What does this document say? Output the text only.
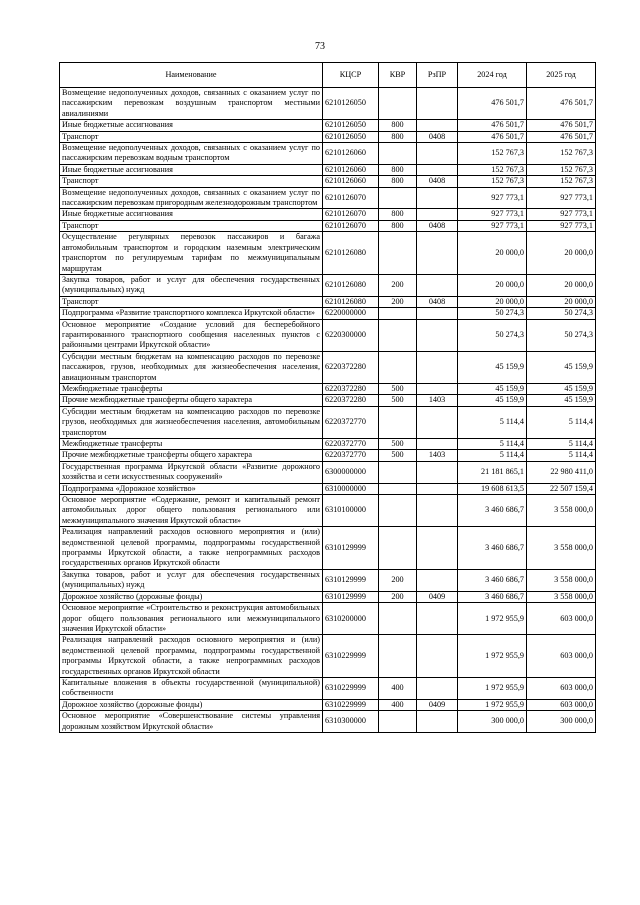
73
Наименование	КЦСР	КВР	РзПР	2024 год	2025 год
Возмещение недополученных доходов, связанных с оказанием услуг по пассажирским перевозкам воздушным транспортом местными авиалиниями	6210126050			476 501,7	476 501,7
Иные бюджетные ассигнования	6210126050	800		476 501,7	476 501,7
Транспорт	6210126050	800	0408	476 501,7	476 501,7
Возмещение недополученных доходов, связанных с оказанием услуг по пассажирским перевозкам водным транспортом	6210126060			152 767,3	152 767,3
Иные бюджетные ассигнования	6210126060	800		152 767,3	152 767,3
Транспорт	6210126060	800	0408	152 767,3	152 767,3
Возмещение недополученных доходов, связанных с оказанием услуг по пассажирским перевозкам пригородным железнодорожным транспортом	6210126070			927 773,1	927 773,1
Иные бюджетные ассигнования	6210126070	800		927 773,1	927 773,1
Транспорт	6210126070	800	0408	927 773,1	927 773,1
Осуществление регулярных перевозок пассажиров и багажа автомобильным транспортом и городским наземным электрическим транспортом по регулируемым тарифам по межмуниципальным маршрутам	6210126080			20 000,0	20 000,0
Закупка товаров, работ и услуг для обеспечения государственных (муниципальных) нужд	6210126080	200		20 000,0	20 000,0
Транспорт	6210126080	200	0408	20 000,0	20 000,0
Подпрограмма «Развитие транспортного комплекса Иркутской области»	6220000000			50 274,3	50 274,3
Основное мероприятие «Создание условий для бесперебойного гарантированного транспортного сообщения населенных пунктов с районными центрами Иркутской области»	6220300000			50 274,3	50 274,3
Субсидии местным бюджетам на компенсацию расходов по перевозке пассажиров, грузов, необходимых для жизнеобеспечения населения, авиационным транспортом	6220372280			45 159,9	45 159,9
Межбюджетные трансферты	6220372280	500		45 159,9	45 159,9
Прочие межбюджетные трансферты общего характера	6220372280	500	1403	45 159,9	45 159,9
Субсидии местным бюджетам на компенсацию расходов по перевозке грузов, необходимых для жизнеобеспечения населения, автомобильным транспортом	6220372770			5 114,4	5 114,4
Межбюджетные трансферты	6220372770	500		5 114,4	5 114,4
Прочие межбюджетные трансферты общего характера	6220372770	500	1403	5 114,4	5 114,4
Государственная программа Иркутской области «Развитие дорожного хозяйства и сети искусственных сооружений»	6300000000			21 181 865,1	22 980 411,0
Подпрограмма «Дорожное хозяйство»	6310000000			19 608 613,5	22 507 159,4
Основное мероприятие «Содержание, ремонт и капитальный ремонт автомобильных дорог общего пользования регионального или межмуниципального значения Иркутской области»	6310100000			3 460 686,7	3 558 000,0
Реализация направлений расходов основного мероприятия и (или) ведомственной целевой программы, подпрограммы государственной программы Иркутской области, а также непрограммных расходов государственных органов Иркутской области	6310129999			3 460 686,7	3 558 000,0
Закупка товаров, работ и услуг для обеспечения государственных (муниципальных) нужд	6310129999	200		3 460 686,7	3 558 000,0
Дорожное хозяйство (дорожные фонды)	6310129999	200	0409	3 460 686,7	3 558 000,0
Основное мероприятие «Строительство и реконструкция автомобильных дорог общего пользования регионального или межмуниципального значения Иркутской области»	6310200000			1 972 955,9	603 000,0
Реализация направлений расходов основного мероприятия и (или) ведомственной целевой программы, подпрограммы государственной программы Иркутской области, а также непрограммных расходов государственных органов Иркутской области	6310229999			1 972 955,9	603 000,0
Капитальные вложения в объекты государственной (муниципальной) собственности	6310229999	400		1 972 955,9	603 000,0
Дорожное хозяйство (дорожные фонды)	6310229999	400	0409	1 972 955,9	603 000,0
Основное мероприятие «Совершенствование системы управления дорожным хозяйством Иркутской области»	6310300000			300 000,0	300 000,0
